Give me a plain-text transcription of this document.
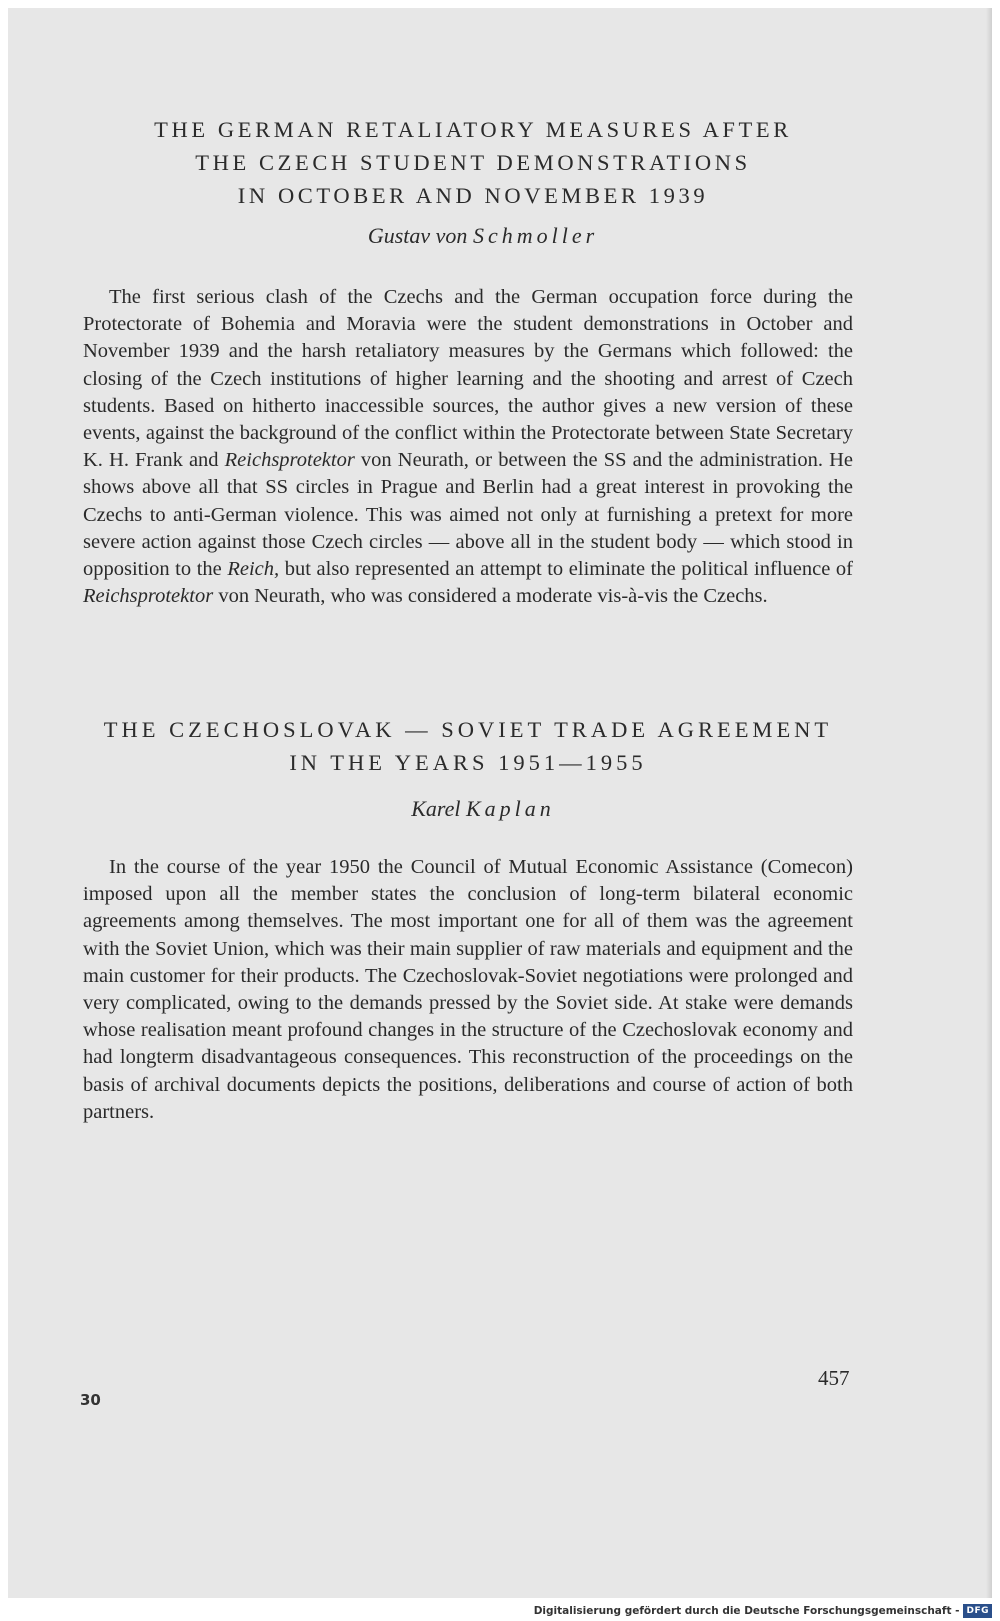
THE GERMAN RETALIATORY MEASURES AFTER
THE CZECH STUDENT DEMONSTRATIONS
IN OCTOBER AND NOVEMBER 1939
Gustav von Schmoller

The first serious clash of the Czechs and the German occupation force during the Protectorate of Bohemia and Moravia were the student demonstrations in October and November 1939 and the harsh retaliatory measures by the Germans which followed: the closing of the Czech institutions of higher learning and the shooting and arrest of Czech students. Based on hitherto inaccessible sources, the author gives a new version of these events, against the background of the conflict within the Protectorate between State Secretary K. H. Frank and Reichsprotektor von Neurath, or between the SS and the administration. He shows above all that SS circles in Prague and Berlin had a great interest in provoking the Czechs to anti-German violence. This was aimed not only at furnishing a pretext for more severe action against those Czech circles — above all in the student body — which stood in opposition to the Reich, but also represented an attempt to eliminate the political influence of Reichsprotektor von Neurath, who was considered a moderate vis-à-vis the Czechs.

THE CZECHOSLOVAK — SOVIET TRADE AGREEMENT
IN THE YEARS 1951—1955
Karel Kaplan

In the course of the year 1950 the Council of Mutual Economic Assistance (Comecon) imposed upon all the member states the conclusion of long-term bilateral economic agreements among themselves. The most important one for all of them was the agreement with the Soviet Union, which was their main supplier of raw materials and equipment and the main customer for their products. The Czechoslovak-Soviet negotiations were prolonged and very complicated, owing to the demands pressed by the Soviet side. At stake were demands whose realisation meant profound changes in the structure of the Czechoslovak economy and had longterm disadvantageous consequences. This reconstruction of the proceedings on the basis of archival documents depicts the positions, deliberations and course of action of both partners.

457
30
Digitalisierung gefördert durch die Deutsche Forschungsgemeinschaft - DFG
